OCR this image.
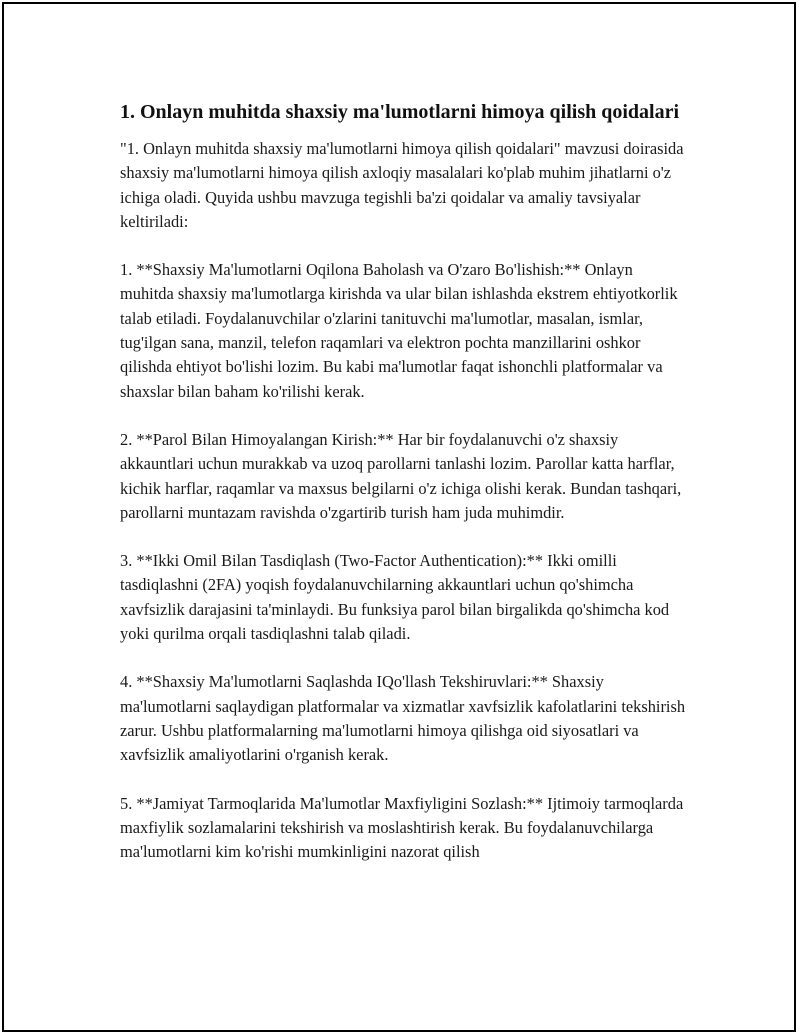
1. Onlayn muhitda shaxsiy ma'lumotlarni himoya qilish qoidalari

"1. Onlayn muhitda shaxsiy ma'lumotlarni himoya qilish qoidalari" mavzusi doirasida shaxsiy ma'lumotlarni himoya qilish axloqiy masalalari ko'plab muhim jihatlarni o'z ichiga oladi. Quyida ushbu mavzuga tegishli ba'zi qoidalar va amaliy tavsiyalar keltiriladi:

1. **Shaxsiy Ma'lumotlarni Oqilona Baholash va O'zaro Bo'lishish:** Onlayn muhitda shaxsiy ma'lumotlarga kirishda va ular bilan ishlashda ekstrem ehtiyotkorlik talab etiladi. Foydalanuvchilar o'zlarini tanituvchi ma'lumotlar, masalan, ismlar, tug'ilgan sana, manzil, telefon raqamlari va elektron pochta manzillarini oshkor qilishda ehtiyot bo'lishi lozim. Bu kabi ma'lumotlar faqat ishonchli platformalar va shaxslar bilan baham ko'rilishi kerak.

2. **Parol Bilan Himoyalangan Kirish:** Har bir foydalanuvchi o'z shaxsiy akkauntlari uchun murakkab va uzoq parollarni tanlashi lozim. Parollar katta harflar, kichik harflar, raqamlar va maxsus belgilarni o'z ichiga olishi kerak. Bundan tashqari, parollarni muntazam ravishda o'zgartirib turish ham juda muhimdir.

3. **Ikki Omil Bilan Tasdiqlash (Two-Factor Authentication):** Ikki omilli tasdiqlashni (2FA) yoqish foydalanuvchilarning akkauntlari uchun qo'shimcha xavfsizlik darajasini ta'minlaydi. Bu funksiya parol bilan birgalikda qo'shimcha kod yoki qurilma orqali tasdiqlashni talab qiladi.

4. **Shaxsiy Ma'lumotlarni Saqlashda IQo'llash Tekshiruvlari:** Shaxsiy ma'lumotlarni saqlaydigan platformalar va xizmatlar xavfsizlik kafolatlarini tekshirish zarur. Ushbu platformalarning ma'lumotlarni himoya qilishga oid siyosatlari va xavfsizlik amaliyotlarini o'rganish kerak.

5. **Jamiyat Tarmoqlarida Ma'lumotlar Maxfiyligini Sozlash:** Ijtimoiy tarmoqlarda maxfiylik sozlamalarini tekshirish va moslashtirish kerak. Bu foydalanuvchilarga ma'lumotlarni kim ko'rishi mumkinligini nazorat qilish
